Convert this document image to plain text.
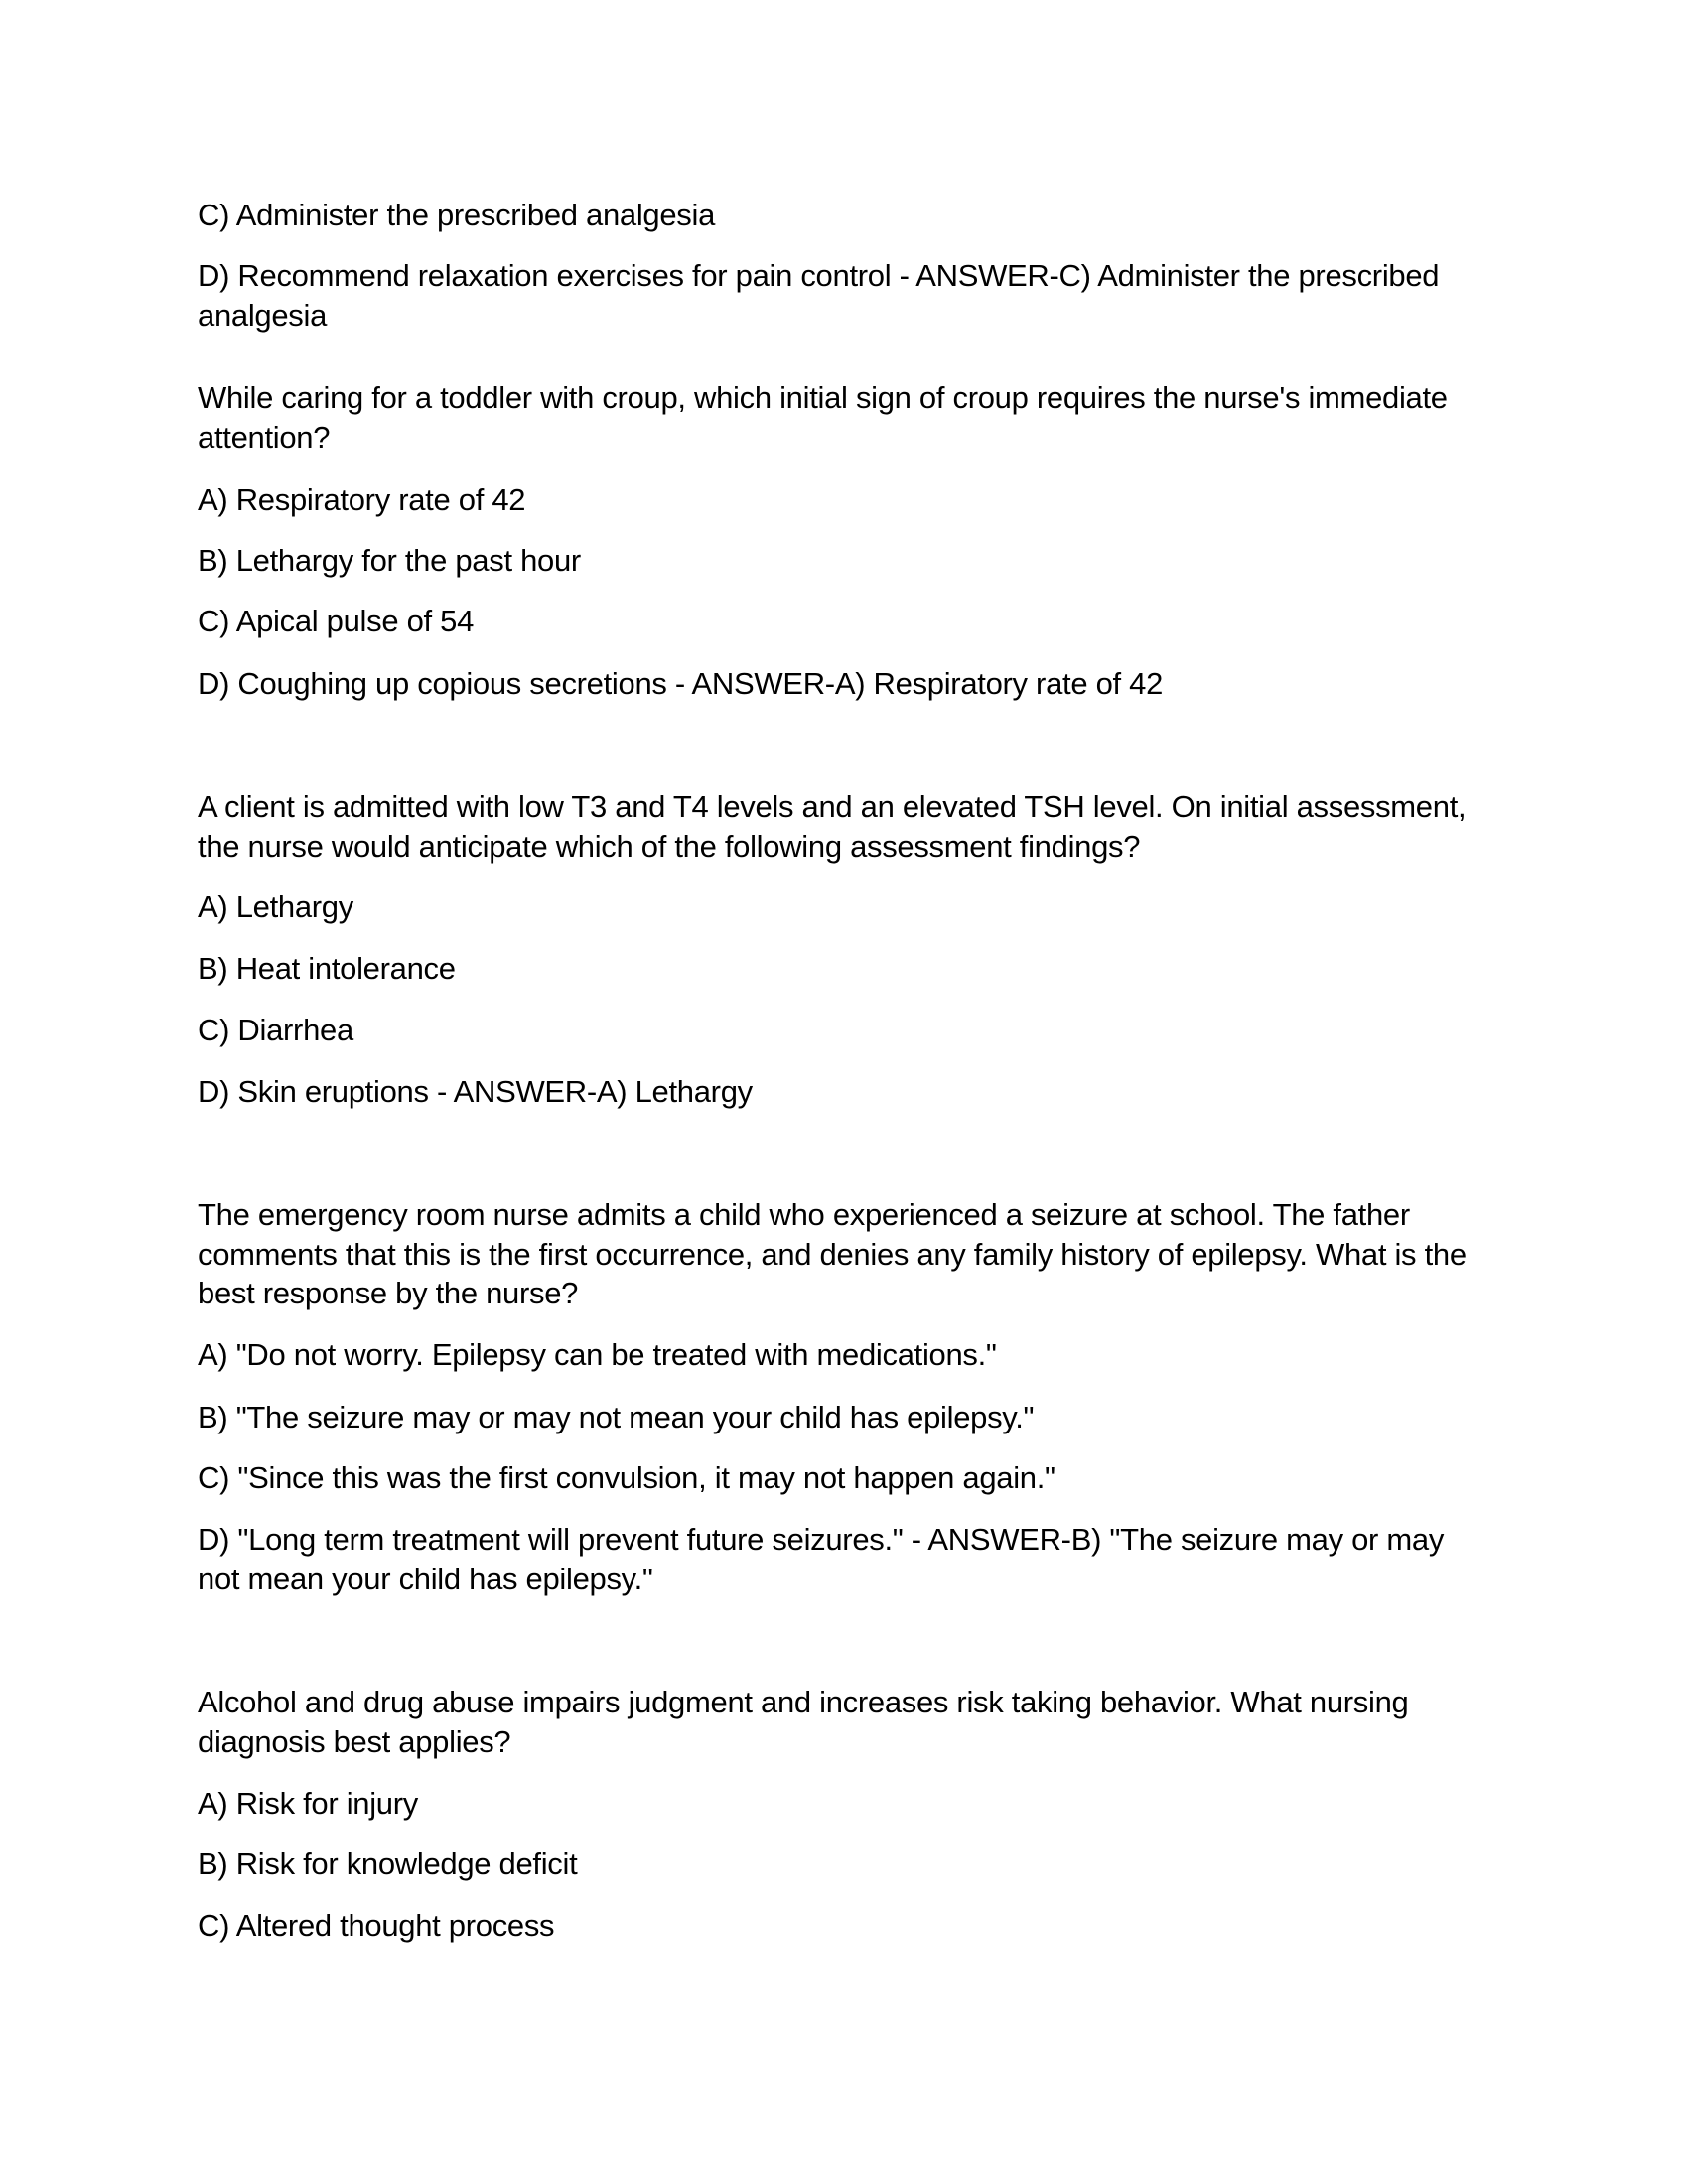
C) Administer the prescribed analgesia
D) Recommend relaxation exercises for pain control - ANSWER-C) Administer the prescribed analgesia
While caring for a toddler with croup, which initial sign of croup requires the nurse's immediate attention?
A) Respiratory rate of 42
B) Lethargy for the past hour
C) Apical pulse of 54
D) Coughing up copious secretions - ANSWER-A) Respiratory rate of 42
A client is admitted with low T3 and T4 levels and an elevated TSH level. On initial assessment, the nurse would anticipate which of the following assessment findings?
A) Lethargy
B) Heat intolerance
C) Diarrhea
D) Skin eruptions - ANSWER-A) Lethargy
The emergency room nurse admits a child who experienced a seizure at school. The father comments that this is the first occurrence, and denies any family history of epilepsy. What is the best response by the nurse?
A) "Do not worry. Epilepsy can be treated with medications."
B) "The seizure may or may not mean your child has epilepsy."
C) "Since this was the first convulsion, it may not happen again."
D) "Long term treatment will prevent future seizures." - ANSWER-B) "The seizure may or may not mean your child has epilepsy."
Alcohol and drug abuse impairs judgment and increases risk taking behavior. What nursing diagnosis best applies?
A) Risk for injury
B) Risk for knowledge deficit
C) Altered thought process
